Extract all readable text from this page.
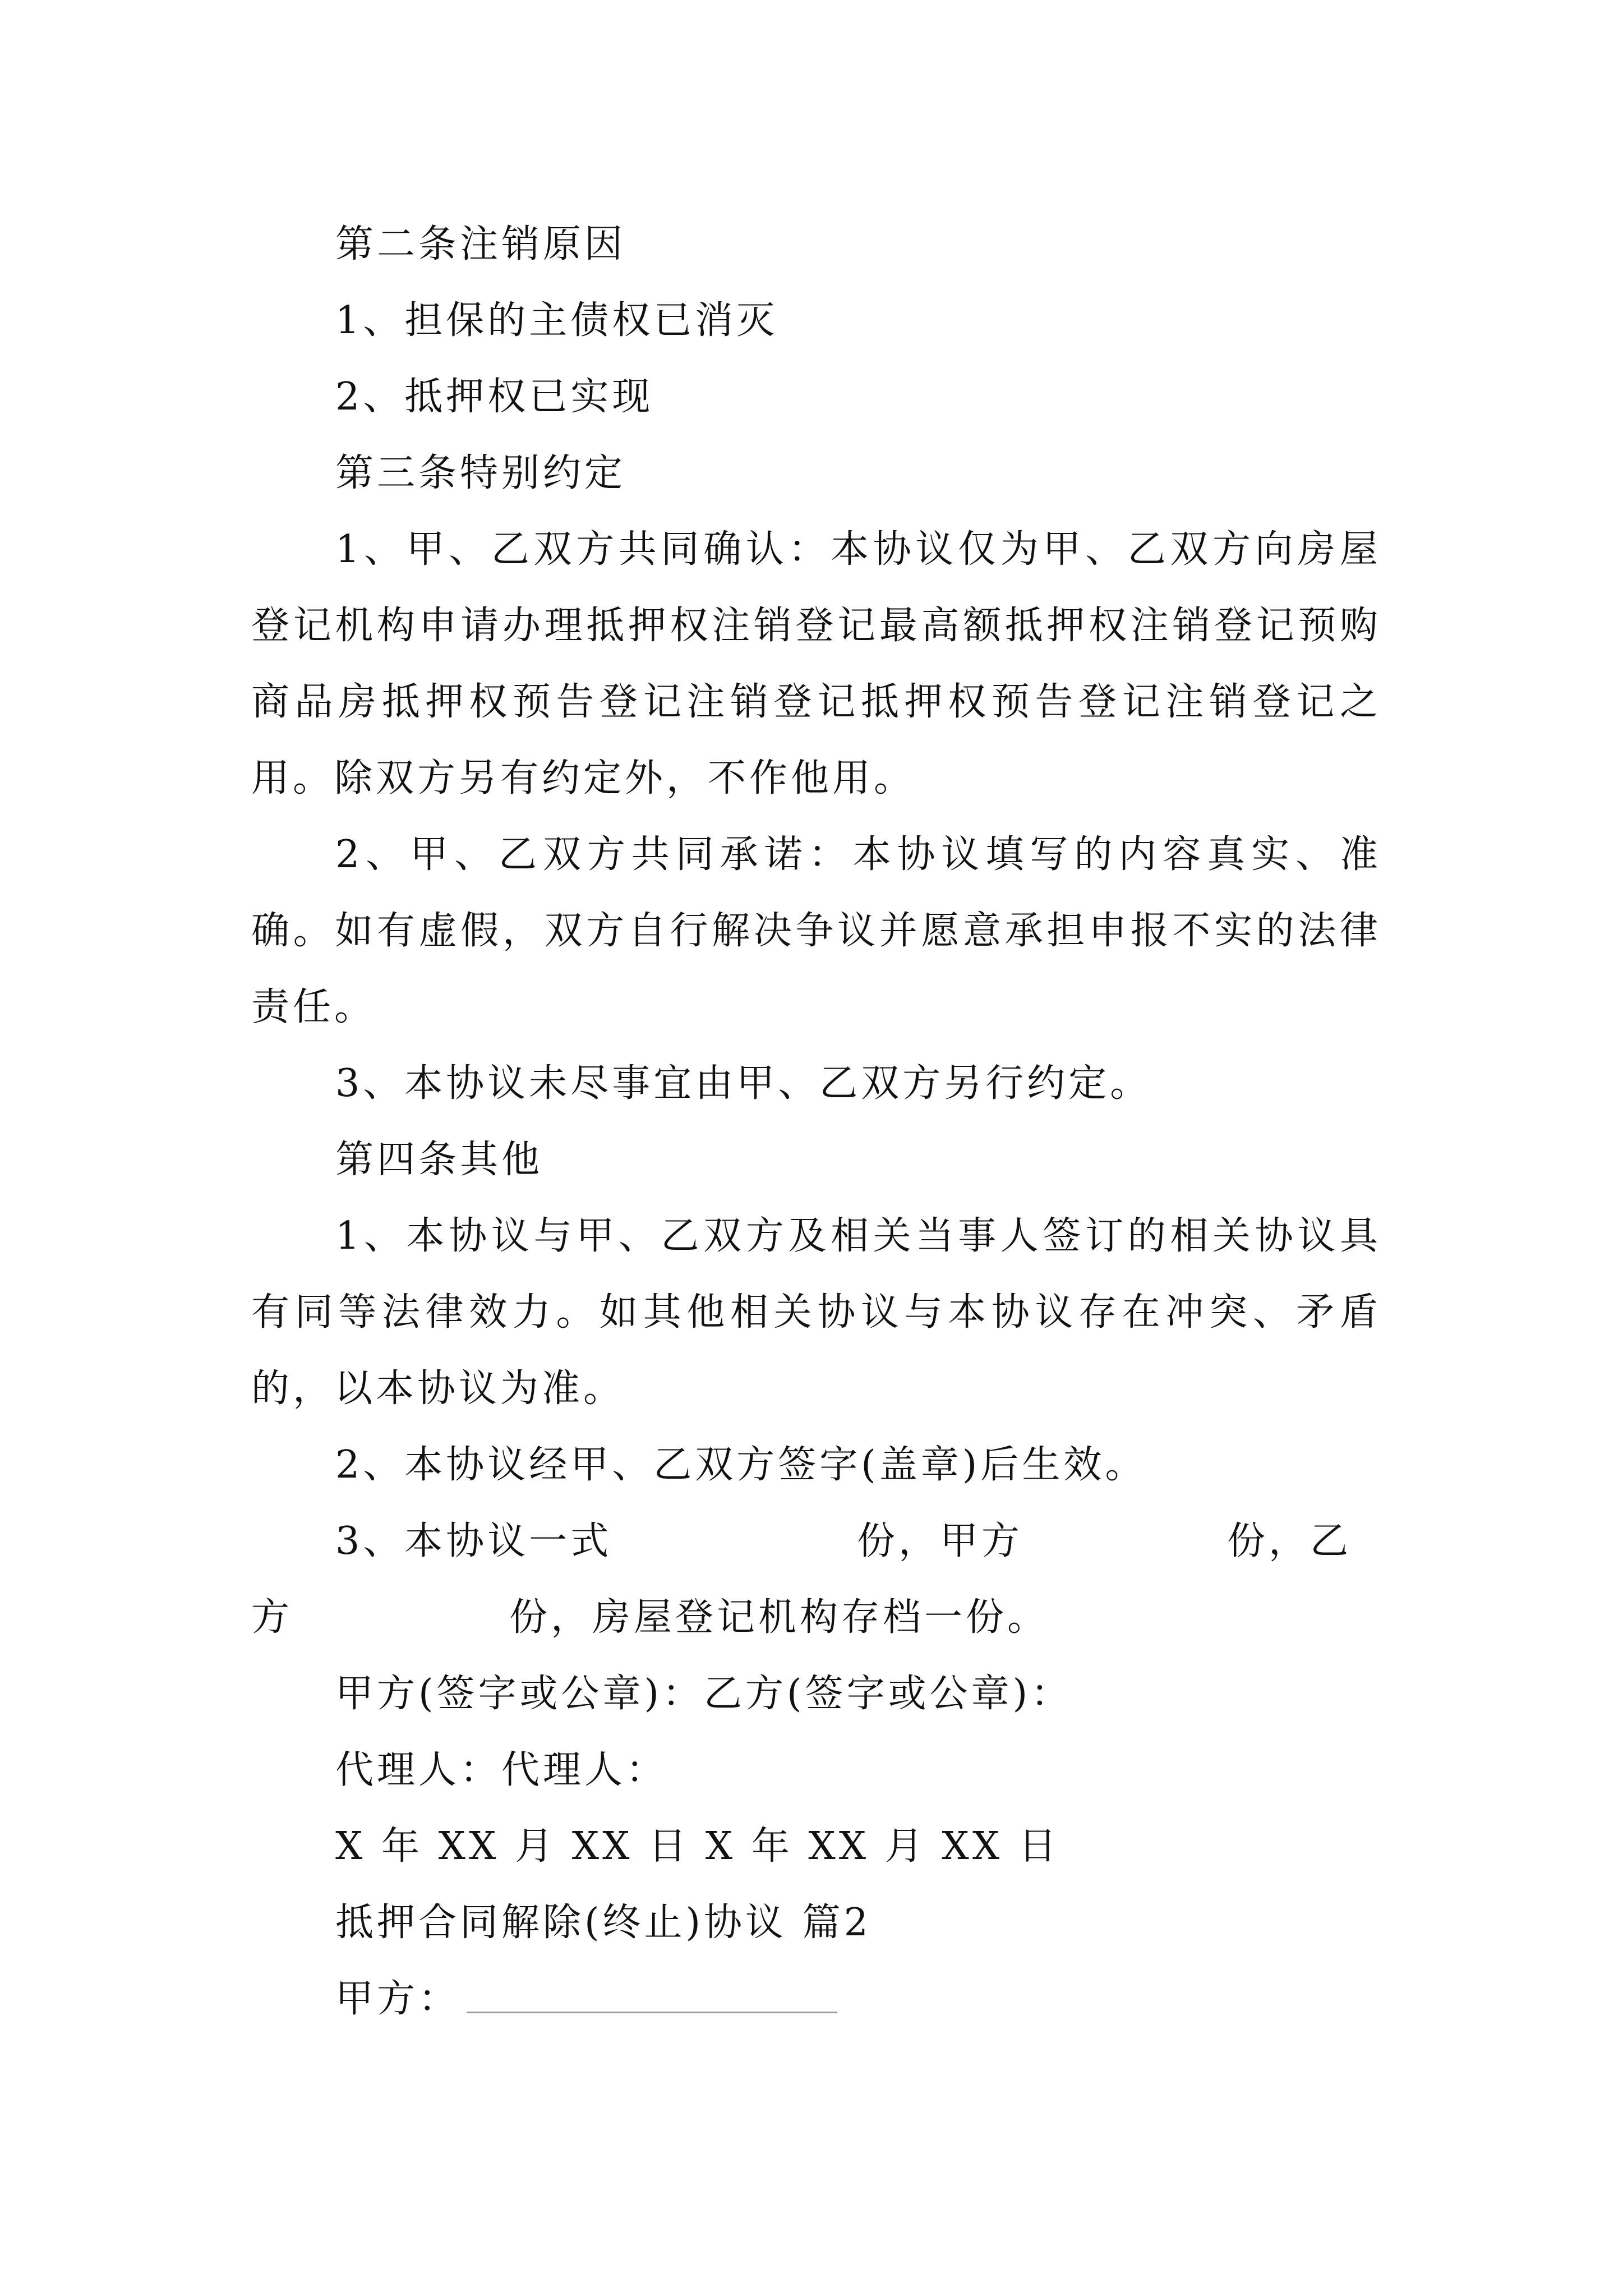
第二条注销原因
1、担保的主债权已消灭
2、抵押权已实现
第三条特别约定
1、甲、乙双方共同确认：本协议仅为甲、乙双方向房屋登记机构申请办理抵押权注销登记最高额抵押权注销登记预购商品房抵押权预告登记注销登记抵押权预告登记注销登记之用。除双方另有约定外，不作他用。
2、甲、乙双方共同承诺：本协议填写的内容真实、准确。如有虚假，双方自行解决争议并愿意承担申报不实的法律责任。
3、本协议未尽事宜由甲、乙双方另行约定。
第四条其他
1、本协议与甲、乙双方及相关当事人签订的相关协议具有同等法律效力。如其他相关协议与本协议存在冲突、矛盾的，以本协议为准。
2、本协议经甲、乙双方签字(盖章)后生效。
3、本协议一式	份，甲方	份，乙
方	份，房屋登记机构存档一份。
甲方(签字或公章)：乙方(签字或公章)：
代理人：代理人：
X 年 XX 月 XX 日 X 年 XX 月 XX 日
抵押合同解除(终止)协议 篇2
甲方：
